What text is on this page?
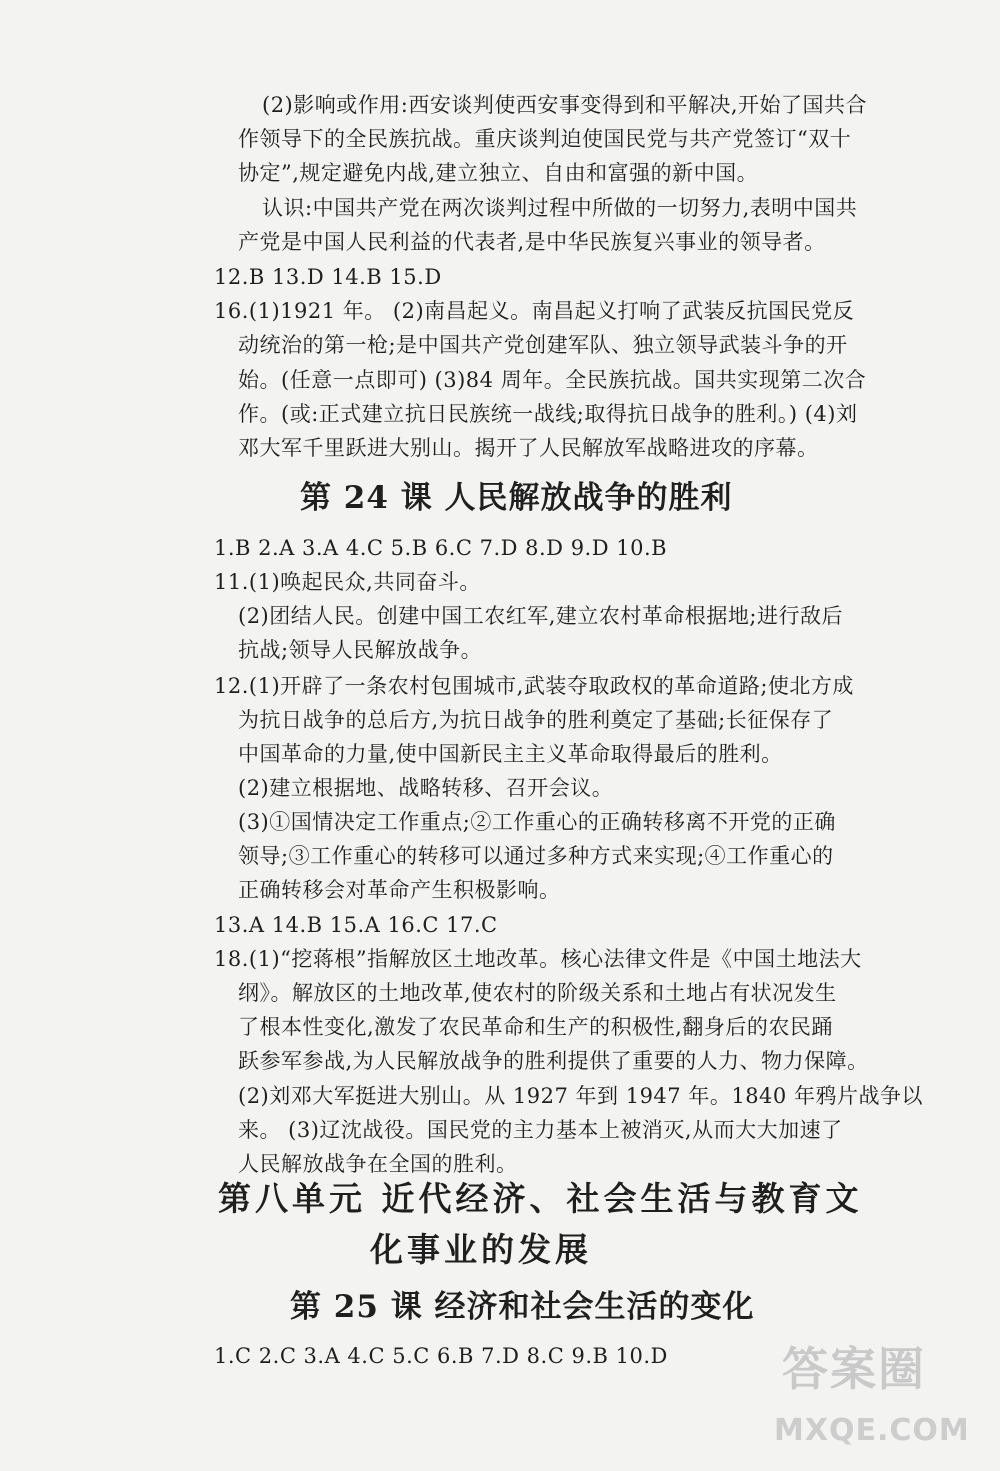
(2)影响或作用:西安谈判使西安事变得到和平解决,开始了国共合
作领导下的全民族抗战。重庆谈判迫使国民党与共产党签订“双十
协定”,规定避免内战,建立独立、自由和富强的新中国。
认识:中国共产党在两次谈判过程中所做的一切努力,表明中国共
产党是中国人民利益的代表者,是中华民族复兴事业的领导者。
12.B 13.D 14.B 15.D
16.(1)1921 年。 (2)南昌起义。南昌起义打响了武装反抗国民党反
动统治的第一枪;是中国共产党创建军队、独立领导武装斗争的开
始。(任意一点即可) (3)84 周年。全民族抗战。国共实现第二次合
作。(或:正式建立抗日民族统一战线;取得抗日战争的胜利。) (4)刘
邓大军千里跃进大别山。揭开了人民解放军战略进攻的序幕。
第 24 课 人民解放战争的胜利
1.B 2.A 3.A 4.C 5.B 6.C 7.D 8.D 9.D 10.B
11.(1)唤起民众,共同奋斗。
(2)团结人民。创建中国工农红军,建立农村革命根据地;进行敌后
抗战;领导人民解放战争。
12.(1)开辟了一条农村包围城市,武装夺取政权的革命道路;使北方成
为抗日战争的总后方,为抗日战争的胜利奠定了基础;长征保存了
中国革命的力量,使中国新民主主义革命取得最后的胜利。
(2)建立根据地、战略转移、召开会议。
(3)①国情决定工作重点;②工作重心的正确转移离不开党的正确
领导;③工作重心的转移可以通过多种方式来实现;④工作重心的
正确转移会对革命产生积极影响。
13.A 14.B 15.A 16.C 17.C
18.(1)“挖蒋根”指解放区土地改革。核心法律文件是《中国土地法大
纲》。解放区的土地改革,使农村的阶级关系和土地占有状况发生
了根本性变化,激发了农民革命和生产的积极性,翻身后的农民踊
跃参军参战,为人民解放战争的胜利提供了重要的人力、物力保障。
(2)刘邓大军挺进大别山。从 1927 年到 1947 年。1840 年鸦片战争以
来。 (3)辽沈战役。国民党的主力基本上被消灭,从而大大加速了
人民解放战争在全国的胜利。
第八单元 近代经济、社会生活与教育文
化事业的发展
第 25 课 经济和社会生活的变化
1.C 2.C 3.A 4.C 5.C 6.B 7.D 8.C 9.B 10.D 答案圈
MXQE.COM
